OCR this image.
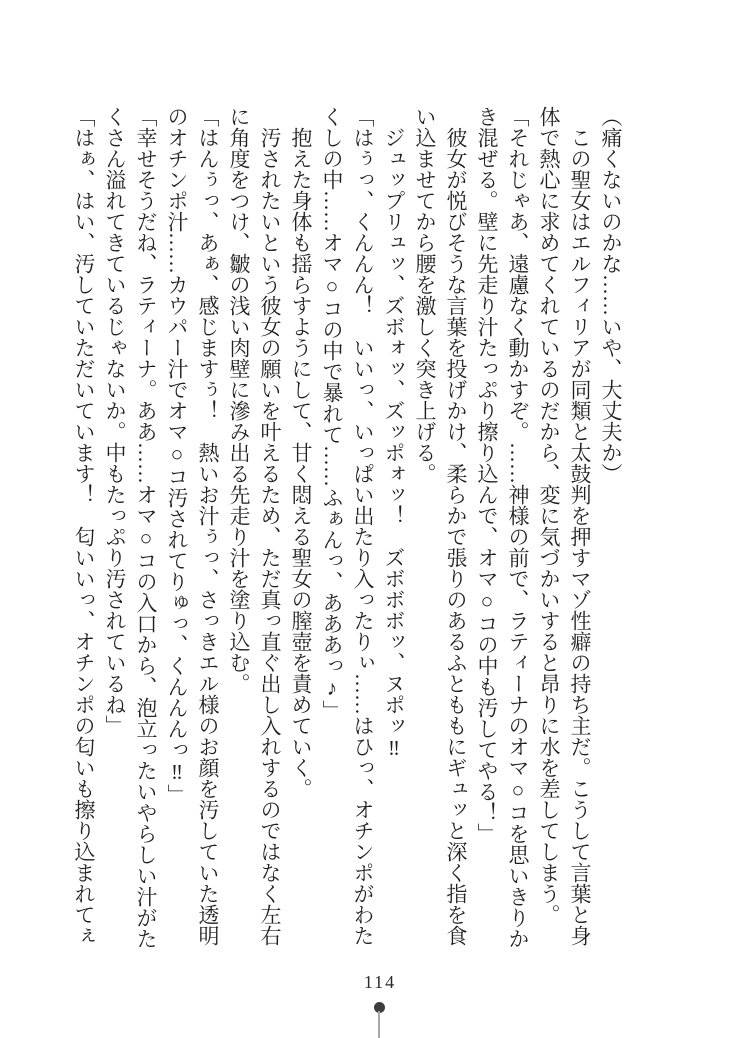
（痛くないのかな……いや、大丈夫か）

　この聖女はエルフィリアが同類と太鼓判を押すマゾ性癖の持ち主だ。こうして言葉と身

体で熱心に求めてくれているのだから、変に気づかいすると昂りに水を差してしまう。

「それじゃあ、遠慮なく動かすぞ。……神様の前で、ラティーナのオマ○コを思いきりか

き混ぜる。壁に先走り汁たっぷり擦り込んで、オマ○コの中も汚してやる！」

　彼女が悦びそうな言葉を投げかけ、柔らかで張りのあるふとももにギュッと深く指を食

い込ませてから腰を激しく突き上げる。

　ジュップリュッ、ズボォッ、ズッポォッ！　ズボボボッ、ヌポッ‼

「はぅっ、くんんん！　いいっ、いっぱい出たり入ったりぃ……はひっ、オチンポがわた

くしの中……オマ○コの中で暴れて……ふぁんっ、あああっ♪」

　抱えた身体も揺らすようにして、甘く悶える聖女の膣壺を責めていく。

　汚されたいという彼女の願いを叶えるため、ただ真っ直ぐ出し入れするのではなく左右

に角度をつけ、皺の浅い肉壁に滲み出る先走り汁を塗り込む。

「はんぅっ、あぁ、感じますぅ！　熱いお汁ぅっ、さっきエル様のお顔を汚していた透明

のオチンポ汁……カウパー汁でオマ○コ汚されてりゅっ、くんんんっ‼」

「幸せそうだね、ラティーナ。ああ……オマ○コの入口から、泡立ったいやらしい汁がた

くさん溢れてきているじゃないか。中もたっぷり汚されているね」

「はぁ、はい、汚していただいています！　匂いいっ、オチンポの匂いも擦り込まれてぇ

114
